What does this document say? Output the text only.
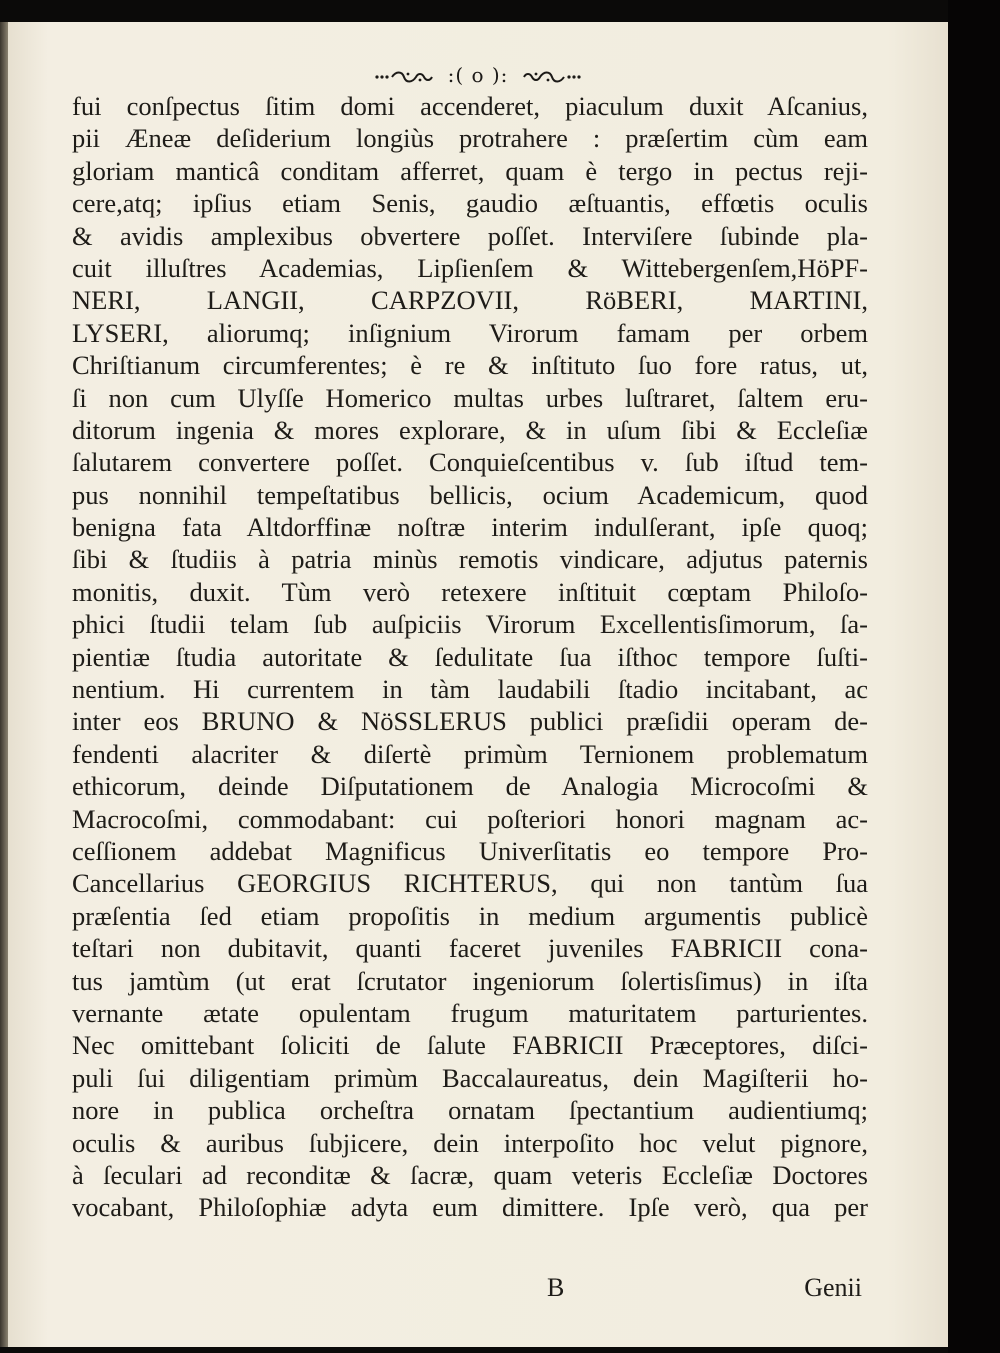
:( o ):
fui conſpectus ſitim domi accenderet, piaculum duxit Aſcanius,
pii Æneæ deſiderium longiùs protrahere : præſertim cùm eam
gloriam manticâ conditam afferret, quam è tergo in pectus reji-
cere,atq; ipſius etiam Senis, gaudio æſtuantis, effœtis oculis
& avidis amplexibus obvertere poſſet. Interviſere ſubinde pla-
cuit illuſtres Academias, Lipſienſem & Wittebergenſem,HöPF-
NERI, LANGII, CARPZOVII, RöBERI, MARTINI,
LYSERI, aliorumq; inſignium Virorum famam per orbem
Chriſtianum circumferentes; è re & inſtituto ſuo fore ratus, ut,
ſi non cum Ulyſſe Homerico multas urbes luſtraret, ſaltem eru-
ditorum ingenia & mores explorare, & in uſum ſibi & Eccleſiæ
ſalutarem convertere poſſet. Conquieſcentibus v. ſub iſtud tem-
pus nonnihil tempeſtatibus bellicis, ocium Academicum, quod
benigna fata Altdorffinæ noſtræ interim indulſerant, ipſe quoq;
ſibi & ſtudiis à patria minùs remotis vindicare, adjutus paternis
monitis, duxit. Tùm verò retexere inſtituit cœptam Philoſo-
phici ſtudii telam ſub auſpiciis Virorum Excellentisſimorum, ſa-
pientiæ ſtudia autoritate & ſedulitate ſua iſthoc tempore ſuſti-
nentium. Hi currentem in tàm laudabili ſtadio incitabant, ac
inter eos BRUNO & NöSSLERUS publici præſidii operam de-
fendenti alacriter & diſertè primùm Ternionem problematum
ethicorum, deinde Diſputationem de Analogia Microcoſmi &
Macrocoſmi, commodabant: cui poſteriori honori magnam ac-
ceſſionem addebat Magnificus Univerſitatis eo tempore Pro-
Cancellarius GEORGIUS RICHTERUS, qui non tantùm ſua
præſentia ſed etiam propoſitis in medium argumentis publicè
teſtari non dubitavit, quanti faceret juveniles FABRICII cona-
tus jamtùm (ut erat ſcrutator ingeniorum ſolertisſimus) in iſta
vernante ætate opulentam frugum maturitatem parturientes.
Nec omittebant ſoliciti de ſalute FABRICII Præceptores, diſci-
puli ſui diligentiam primùm Baccalaureatus, dein Magiſterii ho-
nore in publica orcheſtra ornatam ſpectantium audientiumq;
oculis & auribus ſubjicere, dein interpoſito hoc velut pignore,
à ſeculari ad reconditæ & ſacræ, quam veteris Eccleſiæ Doctores
vocabant, Philoſophiæ adyta eum dimittere. Ipſe verò, qua per
B	Genii
